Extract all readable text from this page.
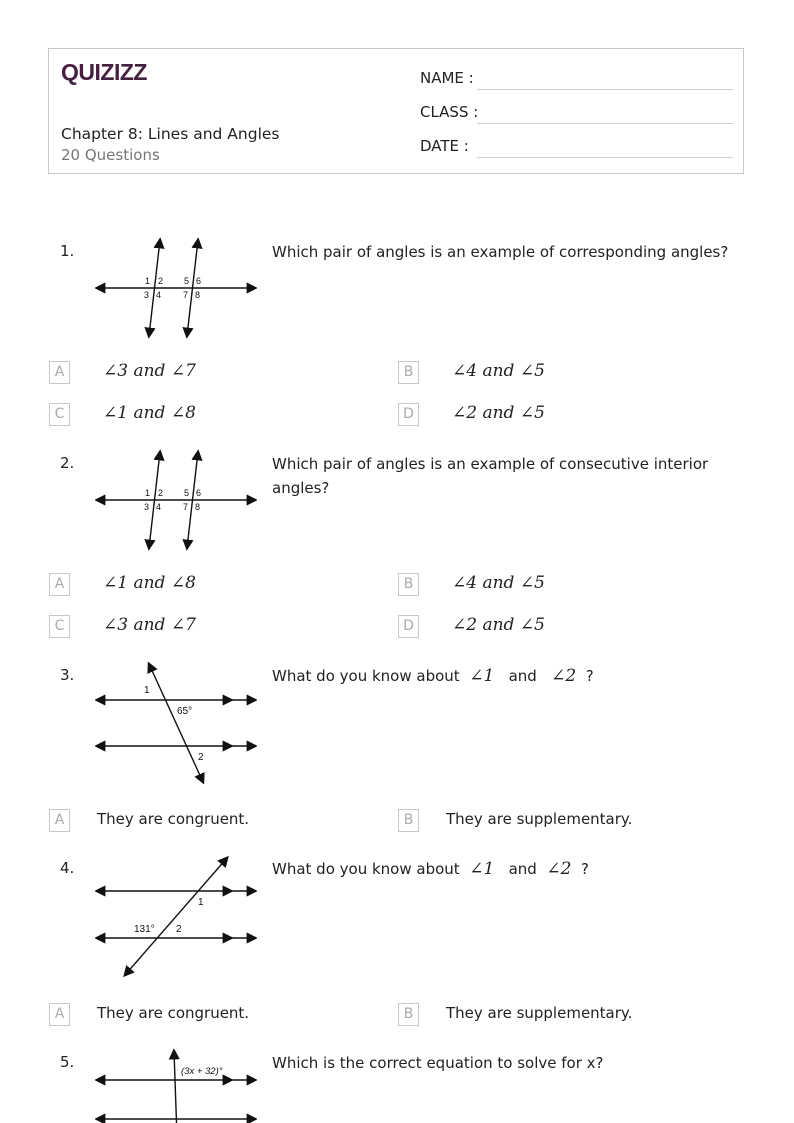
QUIZIZZ
Chapter 8: Lines and Angles
20 Questions
NAME :
CLASS :
DATE :
1.
1 2 5 6
3 4 7 8
Which pair of angles is an example of corresponding angles?
A	∠3 and ∠7	B	∠4 and ∠5
C	∠1 and ∠8	D	∠2 and ∠5
2.
1 2 5 6
3 4 7 8
Which pair of angles is an example of consecutive interior angles?
A	∠1 and ∠8	B	∠4 and ∠5
C	∠3 and ∠7	D	∠2 and ∠5
3.
1
65°
2
What do you know about ∠1 and ∠2 ?
A	They are congruent.	B	They are supplementary.
4.
1
131° 2
What do you know about ∠1 and ∠2 ?
A	They are congruent.	B	They are supplementary.
5.
(3x + 32)°	Which is the correct equation to solve for x?
